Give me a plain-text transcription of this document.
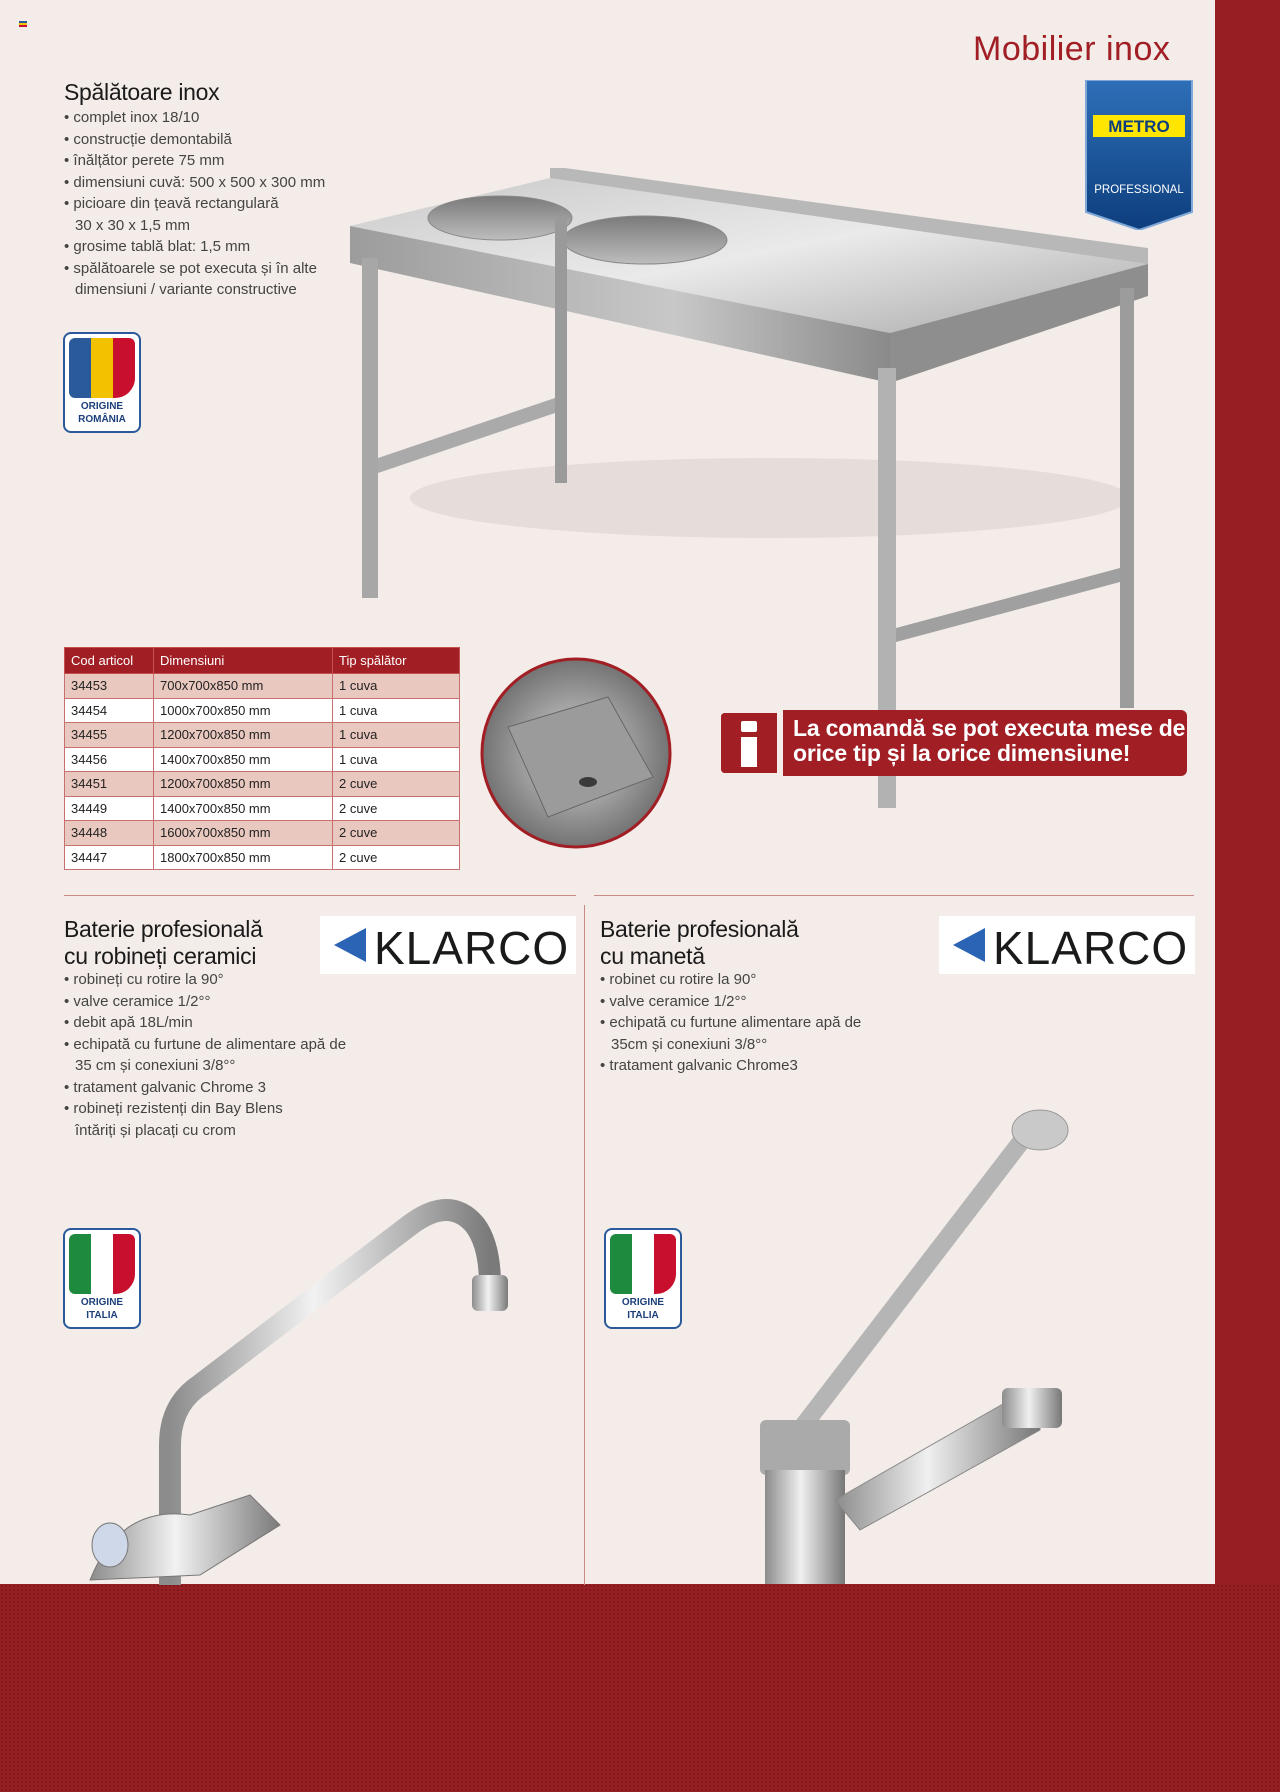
Mobilier inox
METRO
PROFESSIONAL
Spălătoare inox
• complet inox 18/10
• construcție demontabilă
• înălțător perete 75 mm
• dimensiuni cuvă: 500 x 500 x 300 mm
• picioare din țeavă rectangulară 30 x 30 x 1,5 mm
• grosime tablă blat: 1,5 mm
• spălătoarele se pot executa și în alte dimensiuni / variante constructive
ORIGINE
ROMÂNIA
Cod articol	Dimensiuni	Tip spălător
34453	700x700x850 mm	1 cuva
34454	1000x700x850 mm	1 cuva
34455	1200x700x850 mm	1 cuva
34456	1400x700x850 mm	1 cuva
34451	1200x700x850 mm	2 cuve
34449	1400x700x850 mm	2 cuve
34448	1600x700x850 mm	2 cuve
34447	1800x700x850 mm	2 cuve
La comandă se pot executa mese de orice tip și la orice dimensiune!
Baterie profesională
cu robineți ceramici	KLARCO
• robineți cu rotire la 90°
• valve ceramice 1/2°°
• debit apă 18L/min
• echipată cu furtune de alimentare apă de 35 cm și conexiuni 3/8°°
• tratament galvanic Chrome 3
• robineți rezistenți din Bay Blens întăriți și placați cu crom
ORIGINE
ITALIA
Baterie profesională
cu manetă	KLARCO
• robinet cu rotire la 90°
• valve ceramice 1/2°°
• echipată cu furtune alimentare apă de 35cm și conexiuni 3/8°°
• tratament galvanic Chrome3
ORIGINE
ITALIA
